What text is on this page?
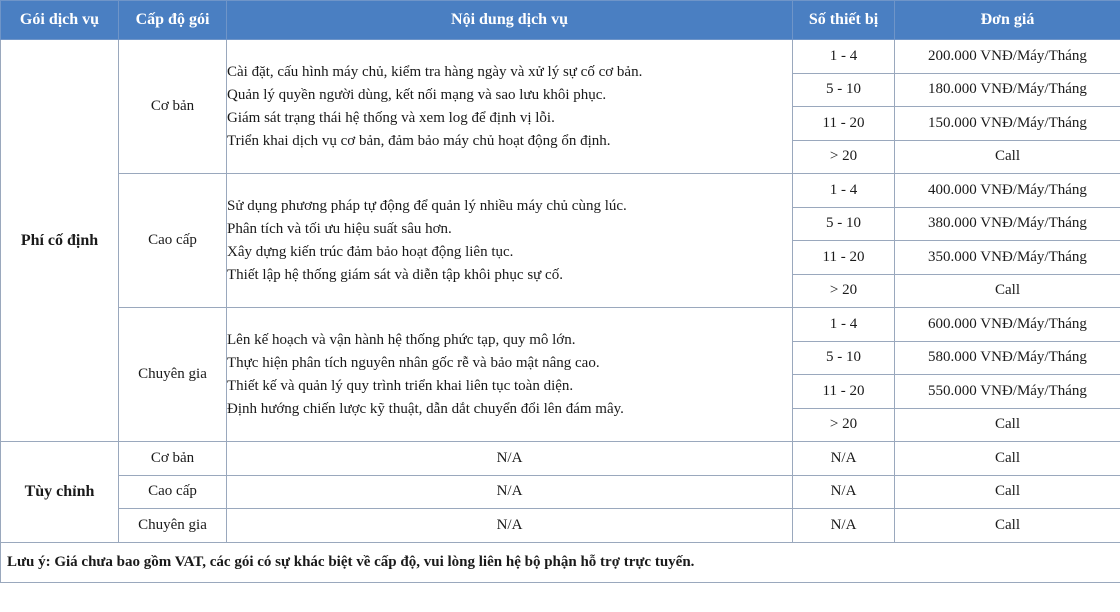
Gói dịch vụ	Cấp độ gói	Nội dung dịch vụ	Số thiết bị	Đơn giá
Phí cố định	Cơ bản	Cài đặt, cấu hình máy chủ, kiểm tra hàng ngày và xử lý sự cố cơ bản.
Quản lý quyền người dùng, kết nối mạng và sao lưu khôi phục.
Giám sát trạng thái hệ thống và xem log để định vị lỗi.
Triển khai dịch vụ cơ bản, đảm bảo máy chủ hoạt động ổn định.	1 - 4	200.000 VNĐ/Máy/Tháng
			5 - 10	180.000 VNĐ/Máy/Tháng
			11 - 20	150.000 VNĐ/Máy/Tháng
			> 20	Call
	Cao cấp	Sử dụng phương pháp tự động để quản lý nhiều máy chủ cùng lúc.
Phân tích và tối ưu hiệu suất sâu hơn.
Xây dựng kiến trúc đảm bảo hoạt động liên tục.
Thiết lập hệ thống giám sát và diễn tập khôi phục sự cố.	1 - 4	400.000 VNĐ/Máy/Tháng
			5 - 10	380.000 VNĐ/Máy/Tháng
			11 - 20	350.000 VNĐ/Máy/Tháng
			> 20	Call
	Chuyên gia	Lên kế hoạch và vận hành hệ thống phức tạp, quy mô lớn.
Thực hiện phân tích nguyên nhân gốc rễ và bảo mật nâng cao.
Thiết kế và quản lý quy trình triển khai liên tục toàn diện.
Định hướng chiến lược kỹ thuật, dẫn dắt chuyển đổi lên đám mây.	1 - 4	600.000 VNĐ/Máy/Tháng
			5 - 10	580.000 VNĐ/Máy/Tháng
			11 - 20	550.000 VNĐ/Máy/Tháng
			> 20	Call
Tùy chỉnh	Cơ bản	N/A	N/A	Call
	Cao cấp	N/A	N/A	Call
	Chuyên gia	N/A	N/A	Call
Lưu ý: Giá chưa bao gồm VAT, các gói có sự khác biệt về cấp độ, vui lòng liên hệ bộ phận hỗ trợ trực tuyến.				
